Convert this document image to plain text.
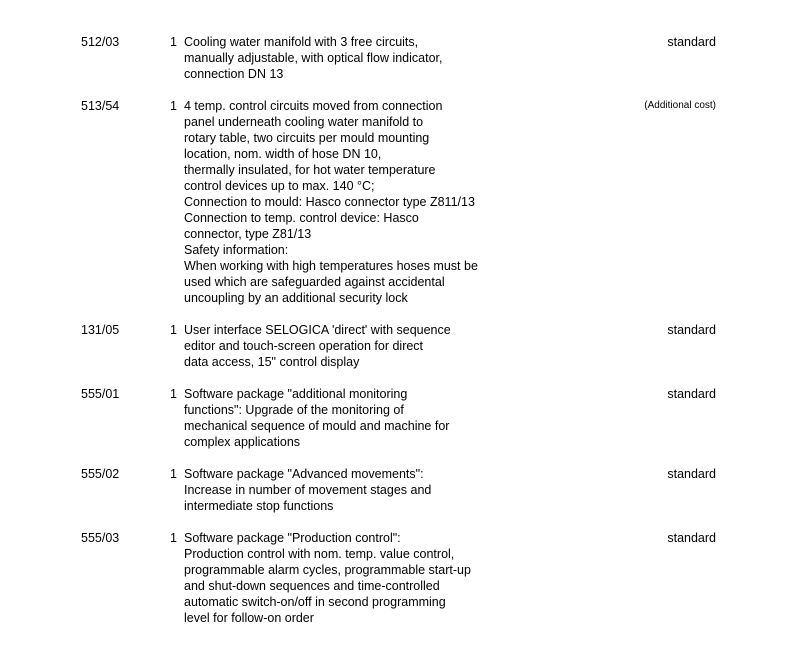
512/03	1 Cooling water manifold with 3 free circuits,
manually adjustable, with optical flow indicator,
connection DN 13
standard
513/54	1 4 temp. control circuits moved from connection
panel underneath cooling water manifold to
rotary table, two circuits per mould mounting
location, nom. width of hose DN 10,
thermally insulated, for hot water temperature
control devices up to max. 140 °C;
Connection to mould: Hasco connector type Z811/13
Connection to temp. control device: Hasco
connector, type Z81/13
Safety information:
When working with high temperatures hoses must be
used which are safeguarded against accidental
uncoupling by an additional security lock
(Additional cost)
131/05	1 User interface SELOGICA 'direct' with sequence
editor and touch-screen operation for direct
data access, 15" control display
standard
555/01	1 Software package "additional monitoring
functions": Upgrade of the monitoring of
mechanical sequence of mould and machine for
complex applications
standard
555/02	1 Software package "Advanced movements":
Increase in number of movement stages and
intermediate stop functions
standard
555/03	1 Software package "Production control":
Production control with nom. temp. value control,
programmable alarm cycles, programmable start-up
and shut-down sequences and time-controlled
automatic switch-on/off in second programming
level for follow-on order
standard
